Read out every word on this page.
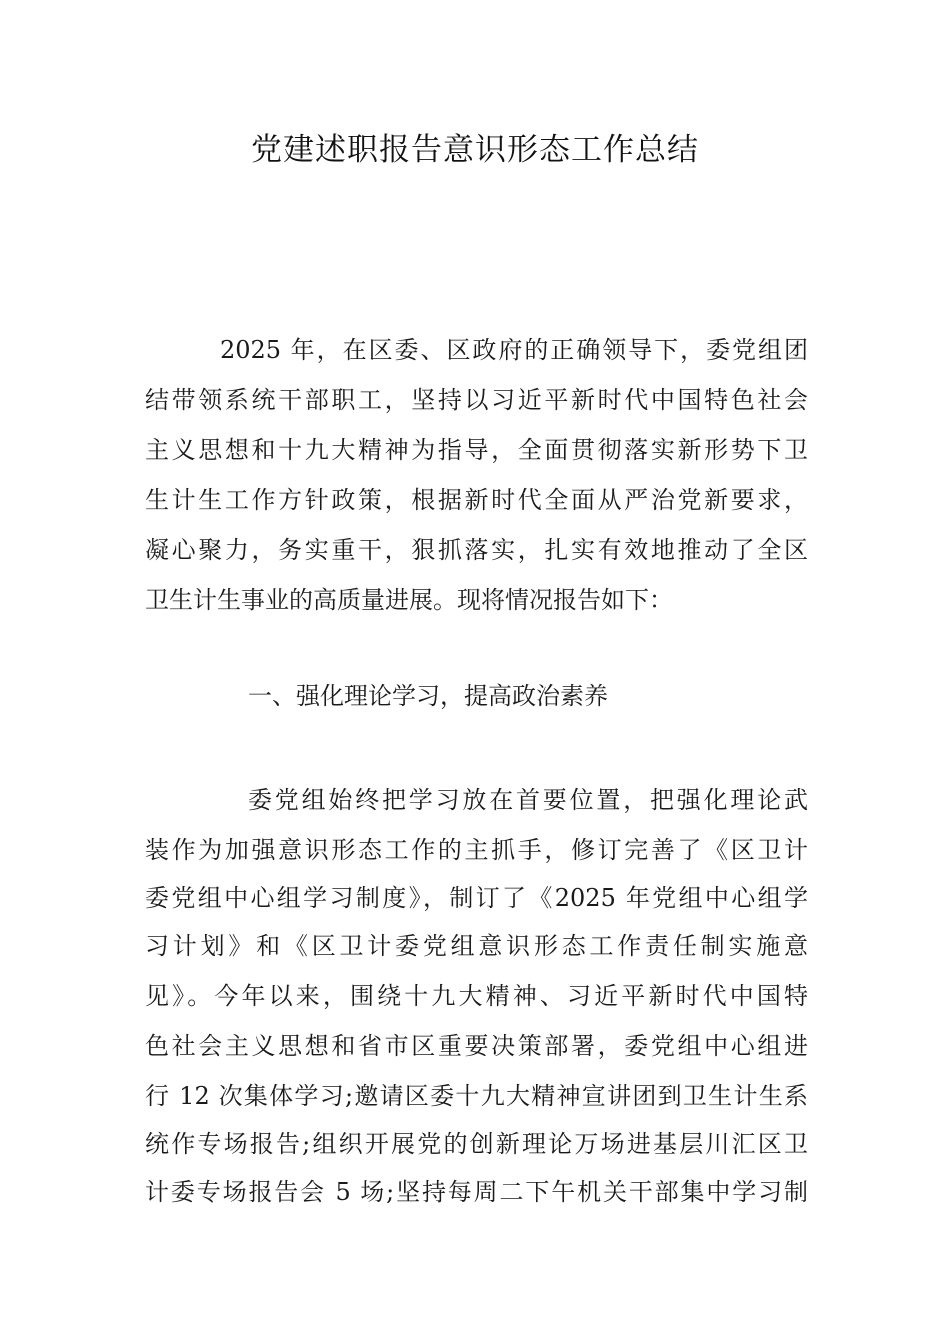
党建述职报告意识形态工作总结
2025 年，在区委、区政府的正确领导下，委党组团
结带领系统干部职工，坚持以习近平新时代中国特色社会
主义思想和十九大精神为指导，全面贯彻落实新形势下卫
生计生工作方针政策，根据新时代全面从严治党新要求，
凝心聚力，务实重干，狠抓落实，扎实有效地推动了全区
卫生计生事业的高质量进展。现将情况报告如下：
一、强化理论学习，提高政治素养
委党组始终把学习放在首要位置，把强化理论武
装作为加强意识形态工作的主抓手，修订完善了《区卫计
委党组中心组学习制度》，制订了《2025 年党组中心组学
习计划》和《区卫计委党组意识形态工作责任制实施意
见》。今年以来，围绕十九大精神、习近平新时代中国特
色社会主义思想和省市区重要决策部署，委党组中心组进
行 12 次集体学习;邀请区委十九大精神宣讲团到卫生计生系
统作专场报告;组织开展党的创新理论万场进基层川汇区卫
计委专场报告会 5 场;坚持每周二下午机关干部集中学习制
